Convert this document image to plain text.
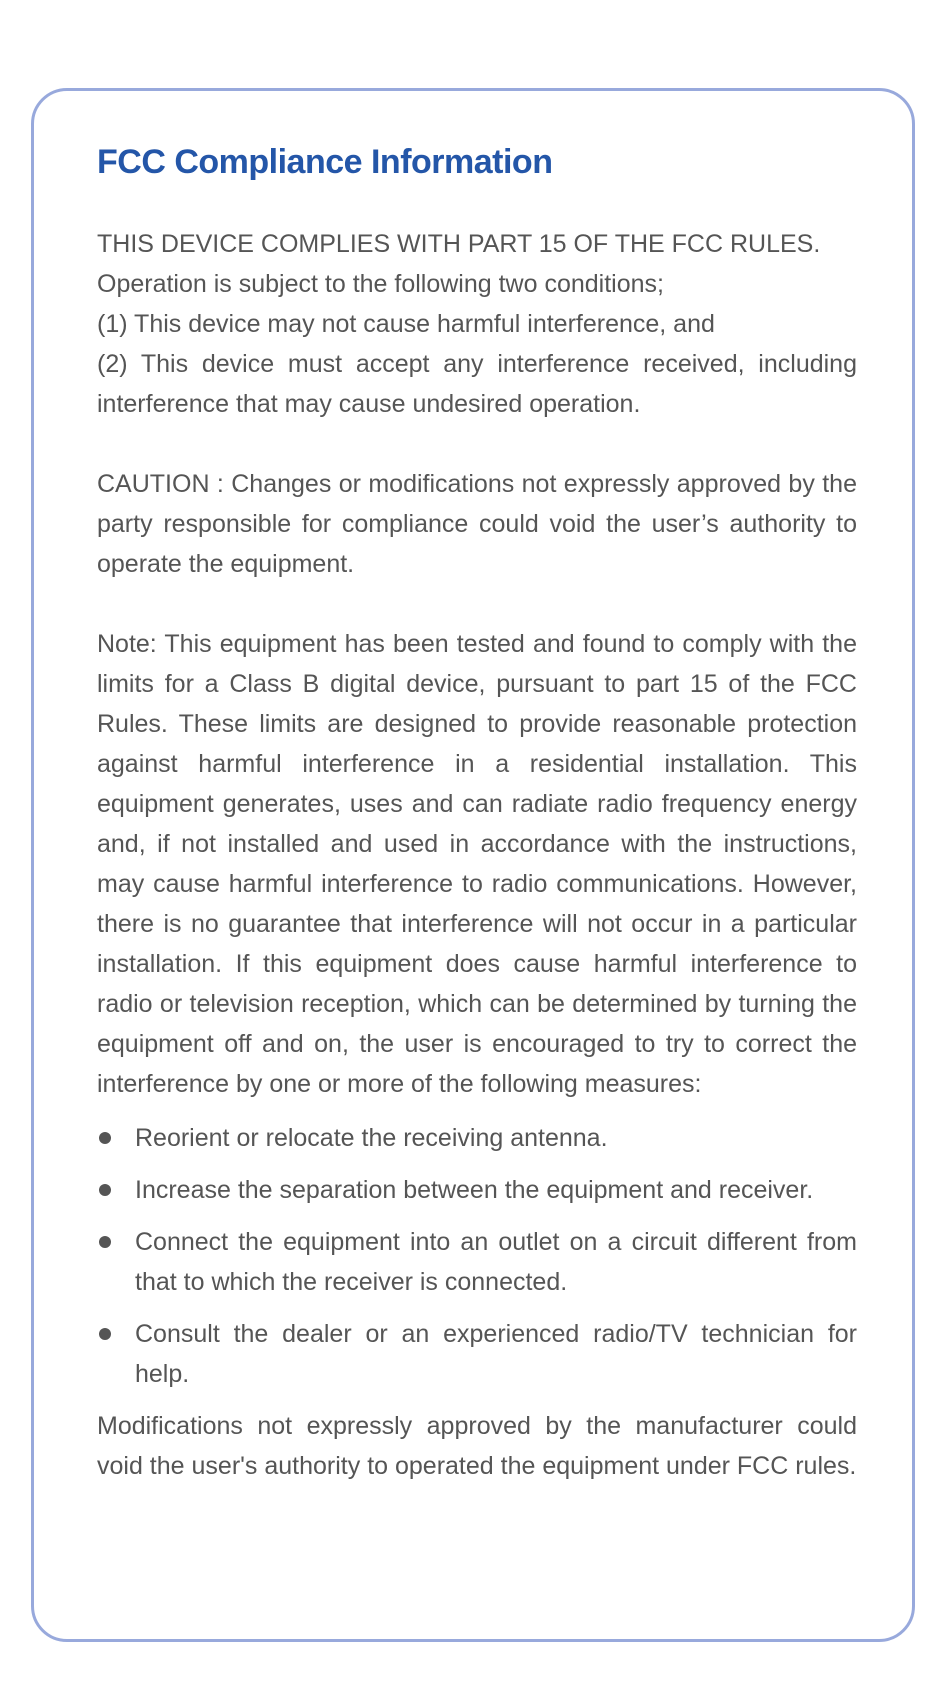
FCC Compliance Information

THIS DEVICE COMPLIES WITH PART 15 OF THE FCC RULES.
Operation is subject to the following two conditions;
(1) This device may not cause harmful interference, and
(2) This device must accept any interference received, including interference that may cause undesired operation.

CAUTION : Changes or modifications not expressly approved by the party responsible for compliance could void the user’s authority to operate the equipment.

Note: This equipment has been tested and found to comply with the limits for a Class B digital device, pursuant to part 15 of the FCC Rules. These limits are designed to provide reasonable protection against harmful interference in a residential installation. This equipment generates, uses and can radiate radio frequency energy and, if not installed and used in accordance with the instructions, may cause harmful interference to radio communications. However, there is no guarantee that interference will not occur in a particular installation. If this equipment does cause harmful interference to radio or television reception, which can be determined by turning the equipment off and on, the user is encouraged to try to correct the interference by one or more of the following measures:

Reorient or relocate the receiving antenna.
Increase the separation between the equipment and receiver.
Connect the equipment into an outlet on a circuit different from that to which the receiver is connected.
Consult the dealer or an experienced radio/TV technician for help.

Modifications not expressly approved by the manufacturer could void the user's authority to operated the equipment under FCC rules.
